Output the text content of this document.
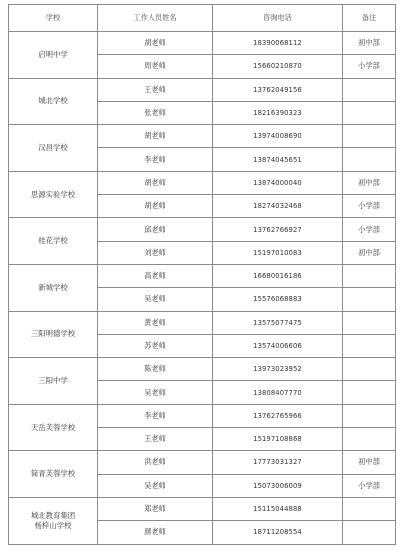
学校	工作人员姓名	咨询电话	备注

启明中学	胡老师	18390068112	初中部
	周老师	15660210870	小学部

城北学校	王老师	13762049156	
	张老师	18216390323	

汉昌学校	胡老师	13974008690	
	李老师	13874045651	

思源实验学校	胡老师	13874000040	初中部
	胡老师	18274032468	小学部

桂花学校	邱老师	13762766927	小学部
	刘老师	15197010083	初中部

新城学校	高老师	16680016186	
	吴老师	15576068883	

三阳明德学校	黄老师	13575077475	
	苏老师	13574006606	

三阳中学	陈老师	13973023952	
	吴老师	13808407770	

天岳芙蓉学校	李老师	13762765966	
	王老师	15197108868	

简青芙蓉学校	洪老师	17773031327	初中部
	吴老师	15073006009	小学部

城北教育集团
杨梓山学校	郑老师	15115044888	
	颜老师	18711208554	
